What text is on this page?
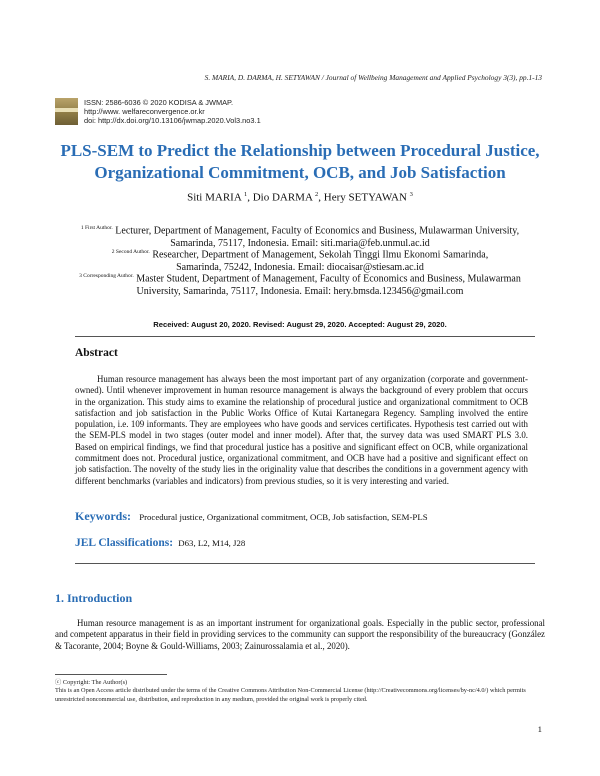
S. MARIA, D. DARMA, H. SETYAWAN / Journal of Wellbeing Management and Applied Psychology 3(3), pp.1-13
ISSN: 2586-6036 © 2020 KODISA & JWMAP.
http://www. welfareconvergence.or.kr
doi: http://dx.doi.org/10.13106/jwmap.2020.Vol3.no3.1
PLS-SEM to Predict the Relationship between Procedural Justice,
Organizational Commitment, OCB, and Job Satisfaction
Siti MARIA $^1$, Dio DARMA $^2$, Hery SETYAWAN $^3$
$^{1 First Author.}$ Lecturer, Department of Management, Faculty of Economics and Business, Mulawarman University,
Samarinda, 75117, Indonesia. Email: siti.maria@feb.unmul.ac.id
$^{2 Second Author.}$ Researcher, Department of Management, Sekolah Tinggi Ilmu Ekonomi Samarinda,
Samarinda, 75242, Indonesia. Email: diocaisar@stiesam.ac.id
$^{3 Corresponding Author.}$ Master Student, Department of Management, Faculty of Economics and Business, Mulawarman
University, Samarinda, 75117, Indonesia. Email: hery.bmsda.123456@gmail.com
Received: August 20, 2020. Revised: August 29, 2020. Accepted: August 29, 2020.
Abstract
Human resource management has always been the most important part of any organization (corporate and government-owned). Until whenever improvement in human resource management is always the background of every problem that occurs in the organization. This study aims to examine the relationship of procedural justice and organizational commitment to OCB satisfaction and job satisfaction in the Public Works Office of Kutai Kartanegara Regency. Sampling involved the entire population, i.e. 109 informants. They are employees who have goods and services certificates. Hypothesis test carried out with the SEM-PLS model in two stages (outer model and inner model). After that, the survey data was used SMART PLS 3.0. Based on empirical findings, we find that procedural justice has a positive and significant effect on OCB, while organizational commitment does not. Procedural justice, organizational commitment, and OCB have had a positive and significant effect on job satisfaction. The novelty of the study lies in the originality value that describes the conditions in a government agency with different benchmarks (variables and indicators) from previous studies, so it is very interesting and varied.
Keywords: Procedural justice, Organizational commitment, OCB, Job satisfaction, SEM-PLS
JEL Classifications: D63, L2, M14, J28
1. Introduction
Human resource management is as an important instrument for organizational goals. Especially in the public sector, professional and competent apparatus in their field in providing services to the community can support the responsibility of the bureaucracy (González & Tacorante, 2004; Boyne & Gould-Williams, 2003; Zainurossalamia et al., 2020).
ⓒ Copyright: The Author(s)
This is an Open Access article distributed under the terms of the Creative Commons Attribution Non-Commercial License (http://Creativecommons.org/licenses/by-nc/4.0/) which permits unrestricted noncommercial use, distribution, and reproduction in any medium, provided the original work is properly cited.
1
